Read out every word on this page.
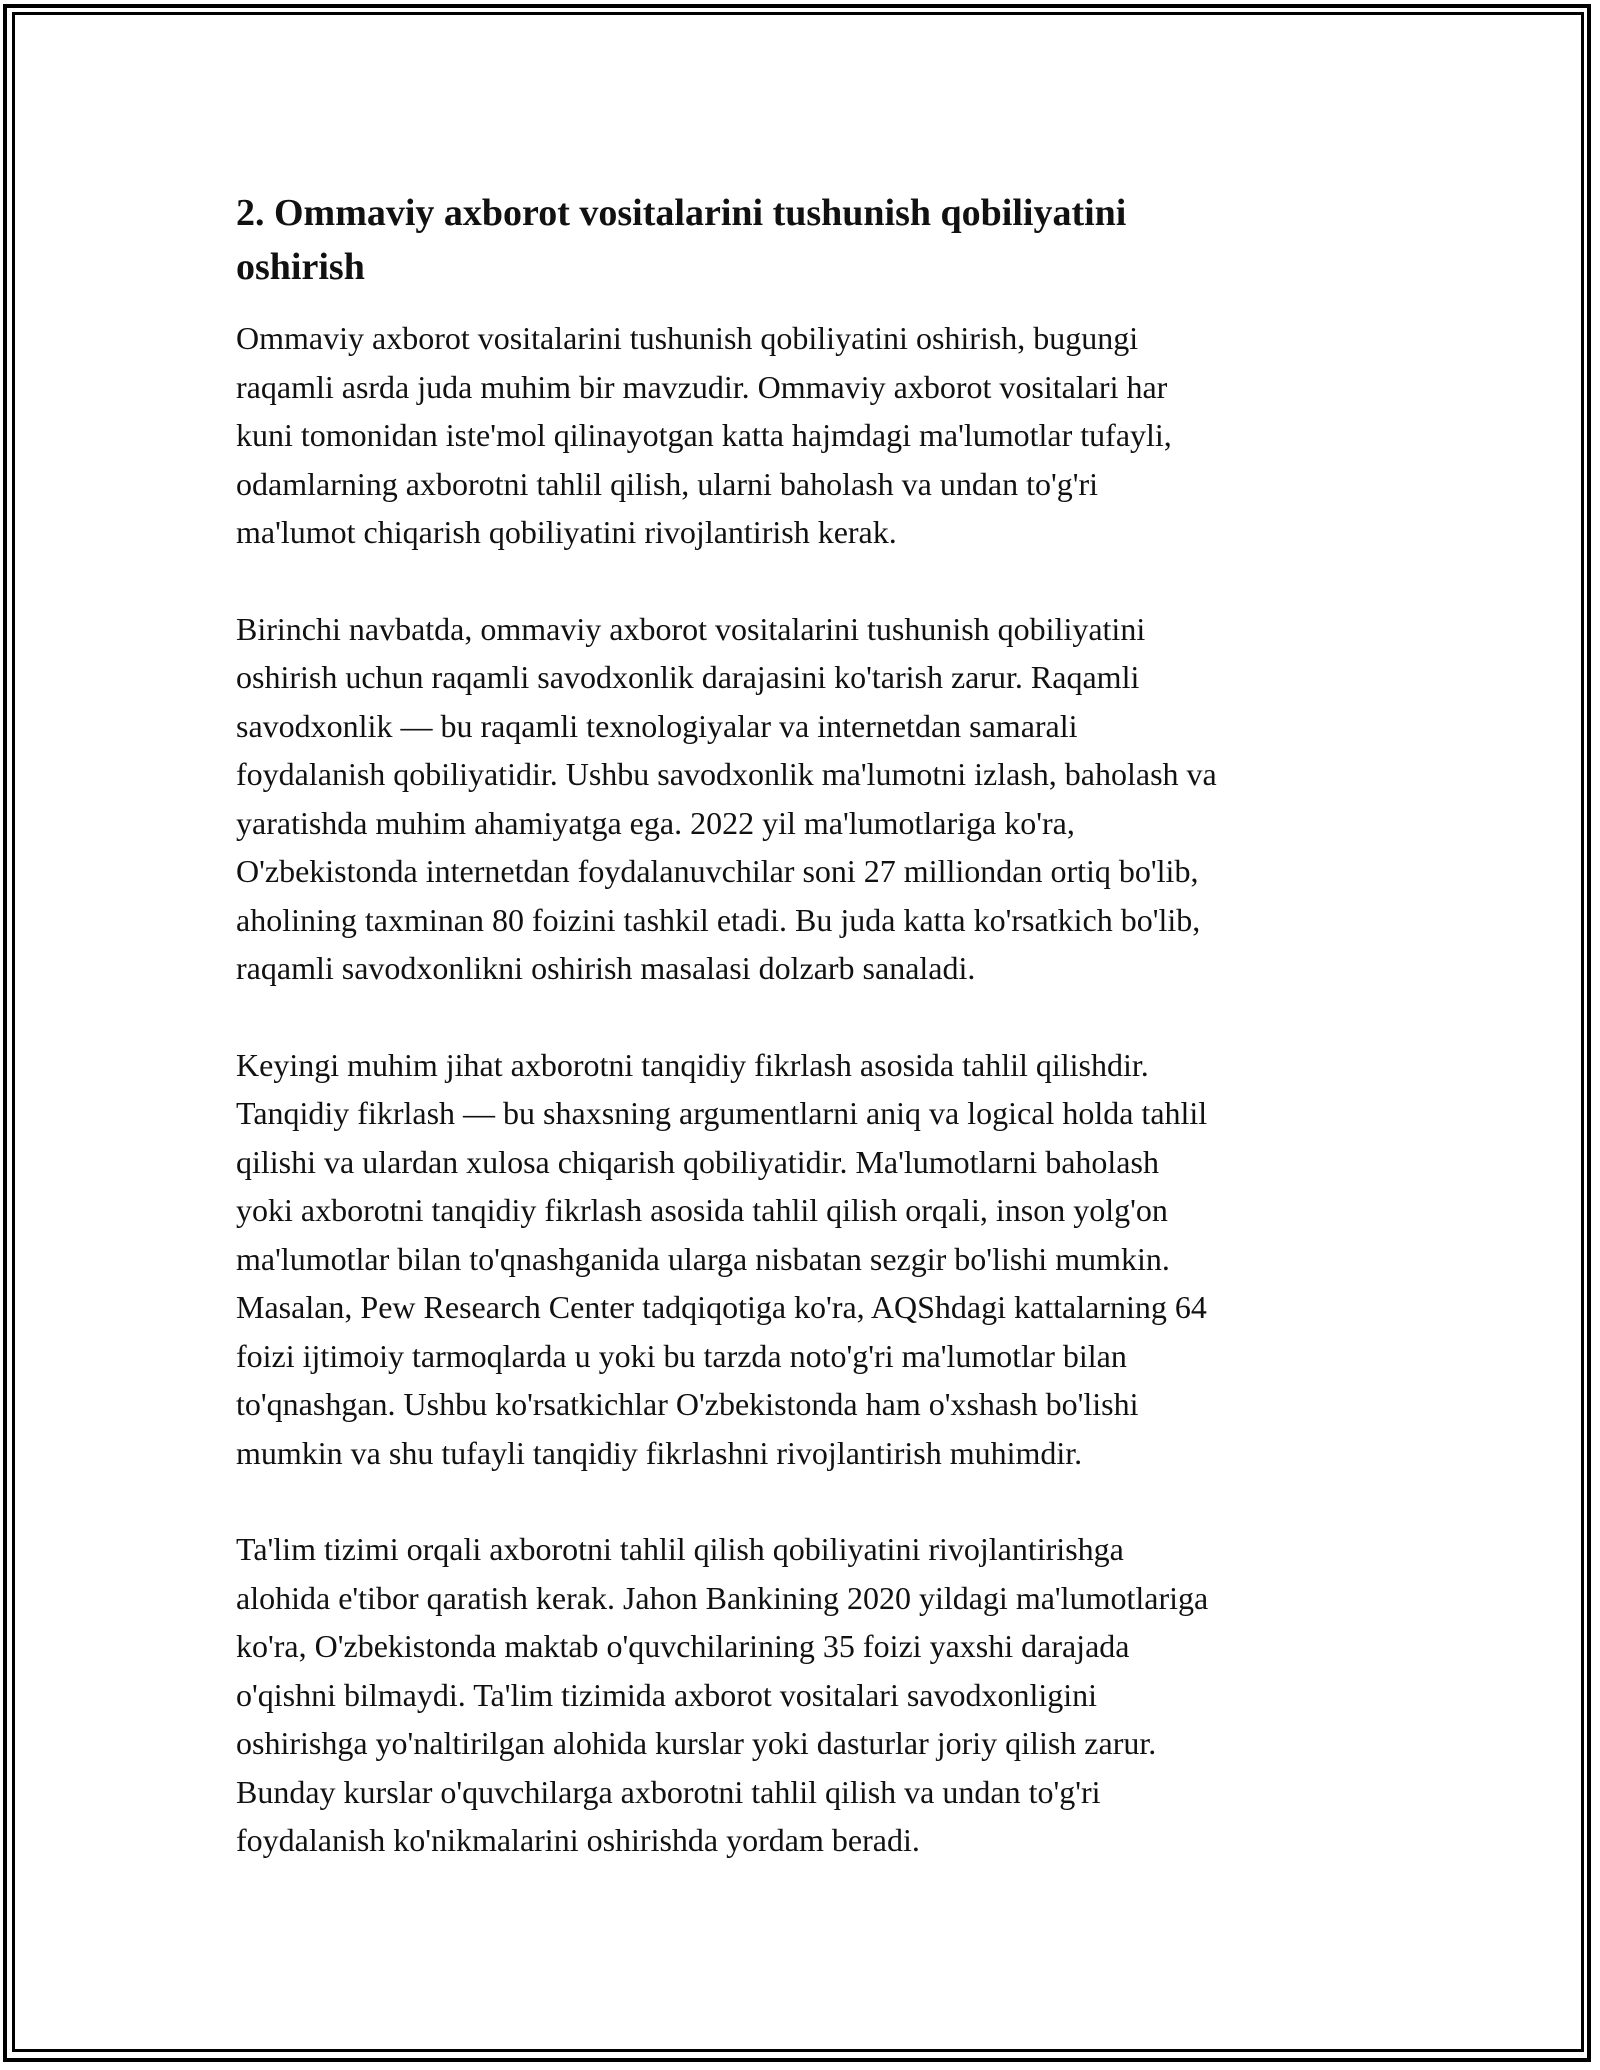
2. Ommaviy axborot vositalarini tushunish qobiliyatini
oshirish

Ommaviy axborot vositalarini tushunish qobiliyatini oshirish, bugungi
raqamli asrda juda muhim bir mavzudir. Ommaviy axborot vositalari har
kuni tomonidan iste'mol qilinayotgan katta hajmdagi ma'lumotlar tufayli,
odamlarning axborotni tahlil qilish, ularni baholash va undan to'g'ri
ma'lumot chiqarish qobiliyatini rivojlantirish kerak.

Birinchi navbatda, ommaviy axborot vositalarini tushunish qobiliyatini
oshirish uchun raqamli savodxonlik darajasini ko'tarish zarur. Raqamli
savodxonlik — bu raqamli texnologiyalar va internetdan samarali
foydalanish qobiliyatidir. Ushbu savodxonlik ma'lumotni izlash, baholash va
yaratishda muhim ahamiyatga ega. 2022 yil ma'lumotlariga ko'ra,
O'zbekistonda internetdan foydalanuvchilar soni 27 milliondan ortiq bo'lib,
aholining taxminan 80 foizini tashkil etadi. Bu juda katta ko'rsatkich bo'lib,
raqamli savodxonlikni oshirish masalasi dolzarb sanaladi.

Keyingi muhim jihat axborotni tanqidiy fikrlash asosida tahlil qilishdir.
Tanqidiy fikrlash — bu shaxsning argumentlarni aniq va logical holda tahlil
qilishi va ulardan xulosa chiqarish qobiliyatidir. Ma'lumotlarni baholash
yoki axborotni tanqidiy fikrlash asosida tahlil qilish orqali, inson yolg'on
ma'lumotlar bilan to'qnashganida ularga nisbatan sezgir bo'lishi mumkin.
Masalan, Pew Research Center tadqiqotiga ko'ra, AQShdagi kattalarning 64
foizi ijtimoiy tarmoqlarda u yoki bu tarzda noto'g'ri ma'lumotlar bilan
to'qnashgan. Ushbu ko'rsatkichlar O'zbekistonda ham o'xshash bo'lishi
mumkin va shu tufayli tanqidiy fikrlashni rivojlantirish muhimdir.

Ta'lim tizimi orqali axborotni tahlil qilish qobiliyatini rivojlantirishga
alohida e'tibor qaratish kerak. Jahon Bankining 2020 yildagi ma'lumotlariga
ko'ra, O'zbekistonda maktab o'quvchilarining 35 foizi yaxshi darajada
o'qishni bilmaydi. Ta'lim tizimida axborot vositalari savodxonligini
oshirishga yo'naltirilgan alohida kurslar yoki dasturlar joriy qilish zarur.
Bunday kurslar o'quvchilarga axborotni tahlil qilish va undan to'g'ri
foydalanish ko'nikmalarini oshirishda yordam beradi.
